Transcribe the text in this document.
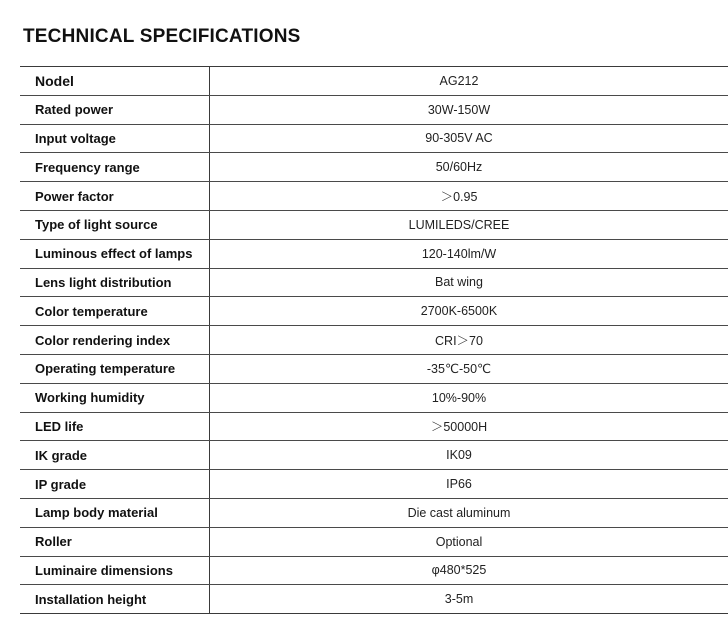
TECHNICAL SPECIFICATIONS
Nodel	AG212
Rated power	30W-150W
Input voltage	90-305V AC
Frequency range	50/60Hz
Power factor	＞0.95
Type of light source	LUMILEDS/CREE
Luminous effect of lamps	120-140lm/W
Lens light distribution	Bat wing
Color temperature	2700K-6500K
Color rendering index	CRI＞70
Operating temperature	-35℃-50℃
Working humidity	10%-90%
LED life	＞50000H
IK grade	IK09
IP grade	IP66
Lamp body material	Die cast aluminum
Roller	Optional
Luminaire dimensions	φ480*525
Installation height	3-5m
